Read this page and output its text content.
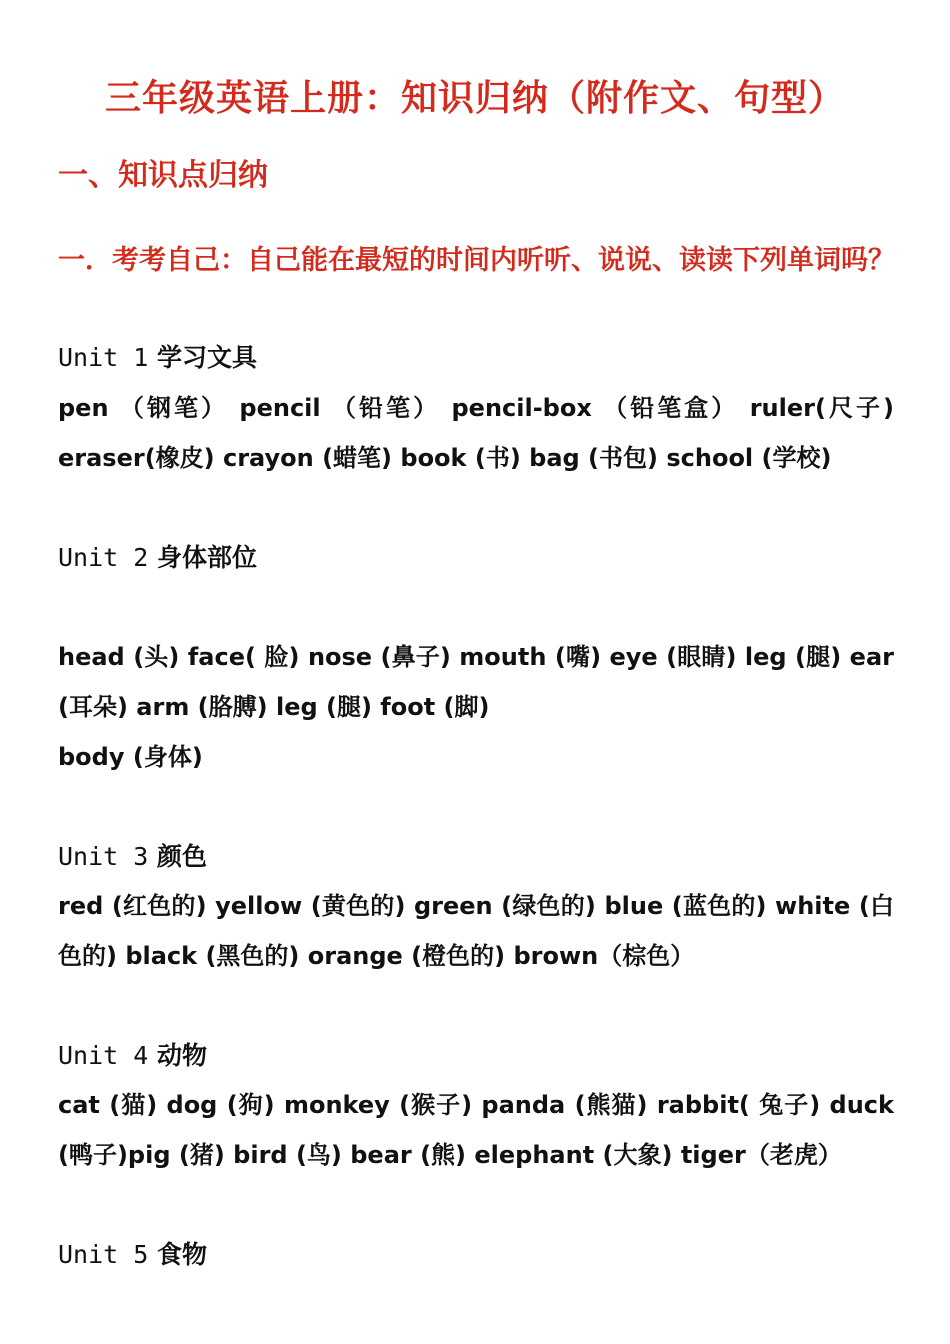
三年级英语上册：知识归纳（附作文、句型）
一、知识点归纳

一．考考自己：自己能在最短的时间内听听、说说、读读下列单词吗？

Unit 1 学习文具

pen （钢笔） pencil （铅笔） pencil-box （铅笔盒） ruler(尺子) eraser(橡皮) crayon (蜡笔) book (书) bag (书包) school (学校)

Unit 2 身体部位

head (头) face( 脸) nose (鼻子) mouth (嘴) eye (眼睛) leg (腿) ear (耳朵) arm (胳膊) leg (腿) foot (脚)

body (身体)

Unit 3 颜色

red (红色的) yellow (黄色的) green (绿色的) blue (蓝色的) white (白色的) black (黑色的) orange (橙色的) brown（棕色）

Unit 4 动物

cat (猫) dog (狗) monkey (猴子) panda (熊猫) rabbit( 兔子) duck (鸭子)pig (猪) bird (鸟) bear (熊) elephant (大象) tiger（老虎）

Unit 5 食物
